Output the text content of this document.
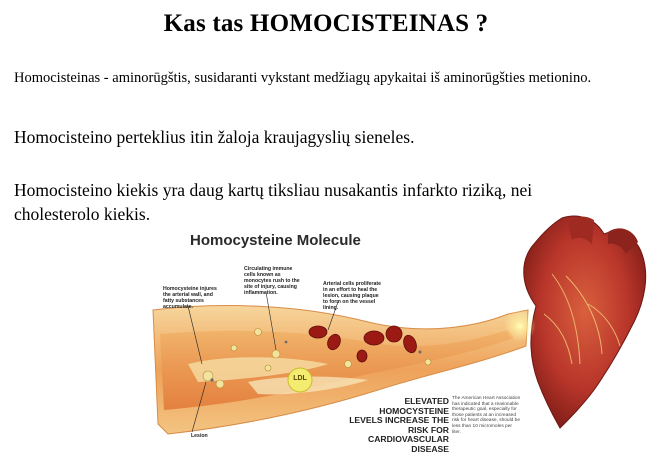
Kas tas HOMOCISTEINAS ?
Homocisteinas - aminorūgštis, susidaranti vykstant medžiagų apykaitai iš aminorūgšties metionino.
Homocisteino perteklius itin žaloja kraujagyslių sieneles.
Homocisteino kiekis yra daug kartų tiksliau nusakantis infarkto riziką, nei cholesterolo kiekis.
Homocysteine Molecule
Homocysteine injures the arterial wall, and fatty substances accumulate.
Circulating immune cells known as monocytes rush to the site of injury, causing inflammation.
Arterial cells proliferate in an effort to heal the lesion, causing plaque to form on the vessel lining.
Lesion
LDL
ELEVATED HOMOCYSTEINE LEVELS INCREASE THE RISK FOR CARDIOVASCULAR DISEASE
The American Heart Association has indicated that a reasonable therapeutic goal, especially for those patients at an increased risk for heart disease, should be less than 10 micromoles per liter.
